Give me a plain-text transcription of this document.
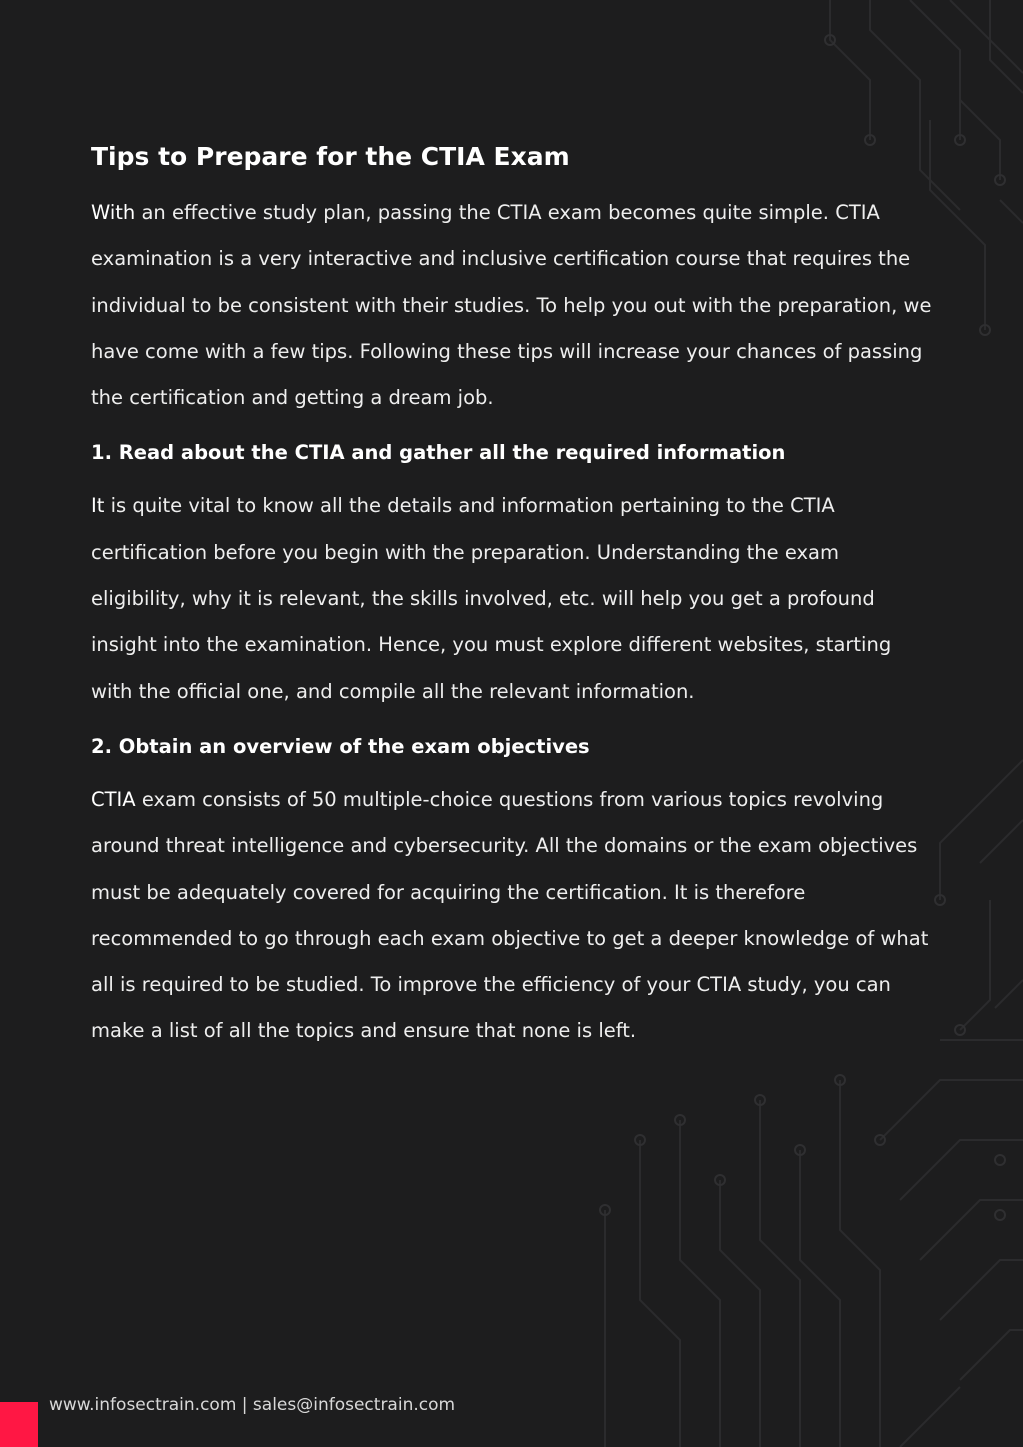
Tips to Prepare for the CTIA Exam

With an effective study plan, passing the CTIA exam becomes quite simple. CTIA examination is a very interactive and inclusive certification course that requires the individual to be consistent with their studies. To help you out with the preparation, we have come with a few tips. Following these tips will increase your chances of passing the certification and getting a dream job.

1. Read about the CTIA and gather all the required information

It is quite vital to know all the details and information pertaining to the CTIA certification before you begin with the preparation. Understanding the exam eligibility, why it is relevant, the skills involved, etc. will help you get a profound insight into the examination. Hence, you must explore different websites, starting with the official one, and compile all the relevant information.

2. Obtain an overview of the exam objectives

CTIA exam consists of 50 multiple-choice questions from various topics revolving around threat intelligence and cybersecurity. All the domains or the exam objectives must be adequately covered for acquiring the certification. It is therefore recommended to go through each exam objective to get a deeper knowledge of what all is required to be studied. To improve the efficiency of your CTIA study, you can make a list of all the topics and ensure that none is left.

www.infosectrain.com | sales@infosectrain.com
